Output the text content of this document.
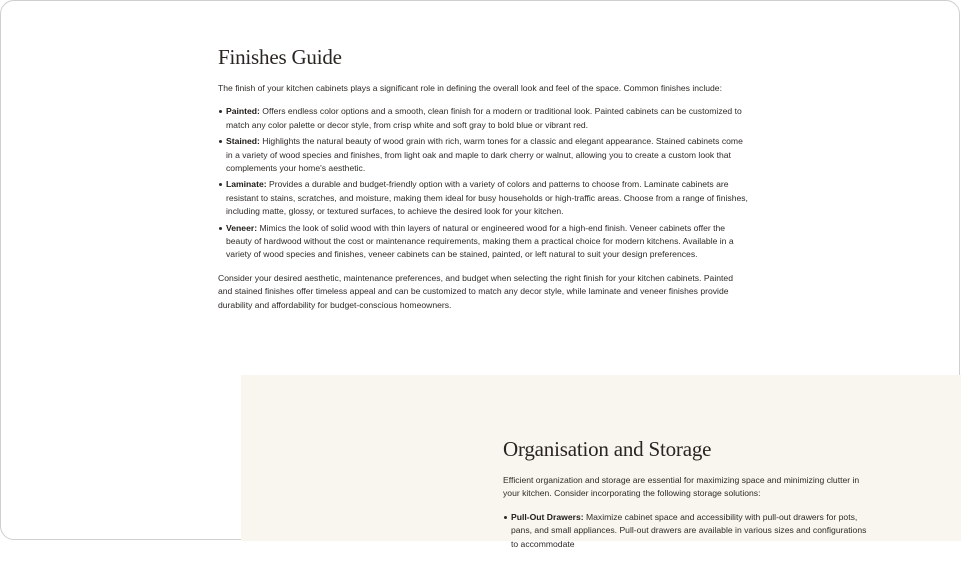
Finishes Guide

The finish of your kitchen cabinets plays a significant role in defining the overall look and feel of the space. Common finishes include:

Painted: Offers endless color options and a smooth, clean finish for a modern or traditional look. Painted cabinets can be customized to match any color palette or decor style, from crisp white and soft gray to bold blue or vibrant red.
Stained: Highlights the natural beauty of wood grain with rich, warm tones for a classic and elegant appearance. Stained cabinets come in a variety of wood species and finishes, from light oak and maple to dark cherry or walnut, allowing you to create a custom look that complements your home's aesthetic.
Laminate: Provides a durable and budget-friendly option with a variety of colors and patterns to choose from. Laminate cabinets are resistant to stains, scratches, and moisture, making them ideal for busy households or high-traffic areas. Choose from a range of finishes, including matte, glossy, or textured surfaces, to achieve the desired look for your kitchen.
Veneer: Mimics the look of solid wood with thin layers of natural or engineered wood for a high-end finish. Veneer cabinets offer the beauty of hardwood without the cost or maintenance requirements, making them a practical choice for modern kitchens. Available in a variety of wood species and finishes, veneer cabinets can be stained, painted, or left natural to suit your design preferences.

Consider your desired aesthetic, maintenance preferences, and budget when selecting the right finish for your kitchen cabinets. Painted and stained finishes offer timeless appeal and can be customized to match any decor style, while laminate and veneer finishes provide durability and affordability for budget-conscious homeowners.

Organisation and Storage

Efficient organization and storage are essential for maximizing space and minimizing clutter in your kitchen. Consider incorporating the following storage solutions:

Pull-Out Drawers: Maximize cabinet space and accessibility with pull-out drawers for pots, pans, and small appliances. Pull-out drawers are available in various sizes and configurations to accommodate
